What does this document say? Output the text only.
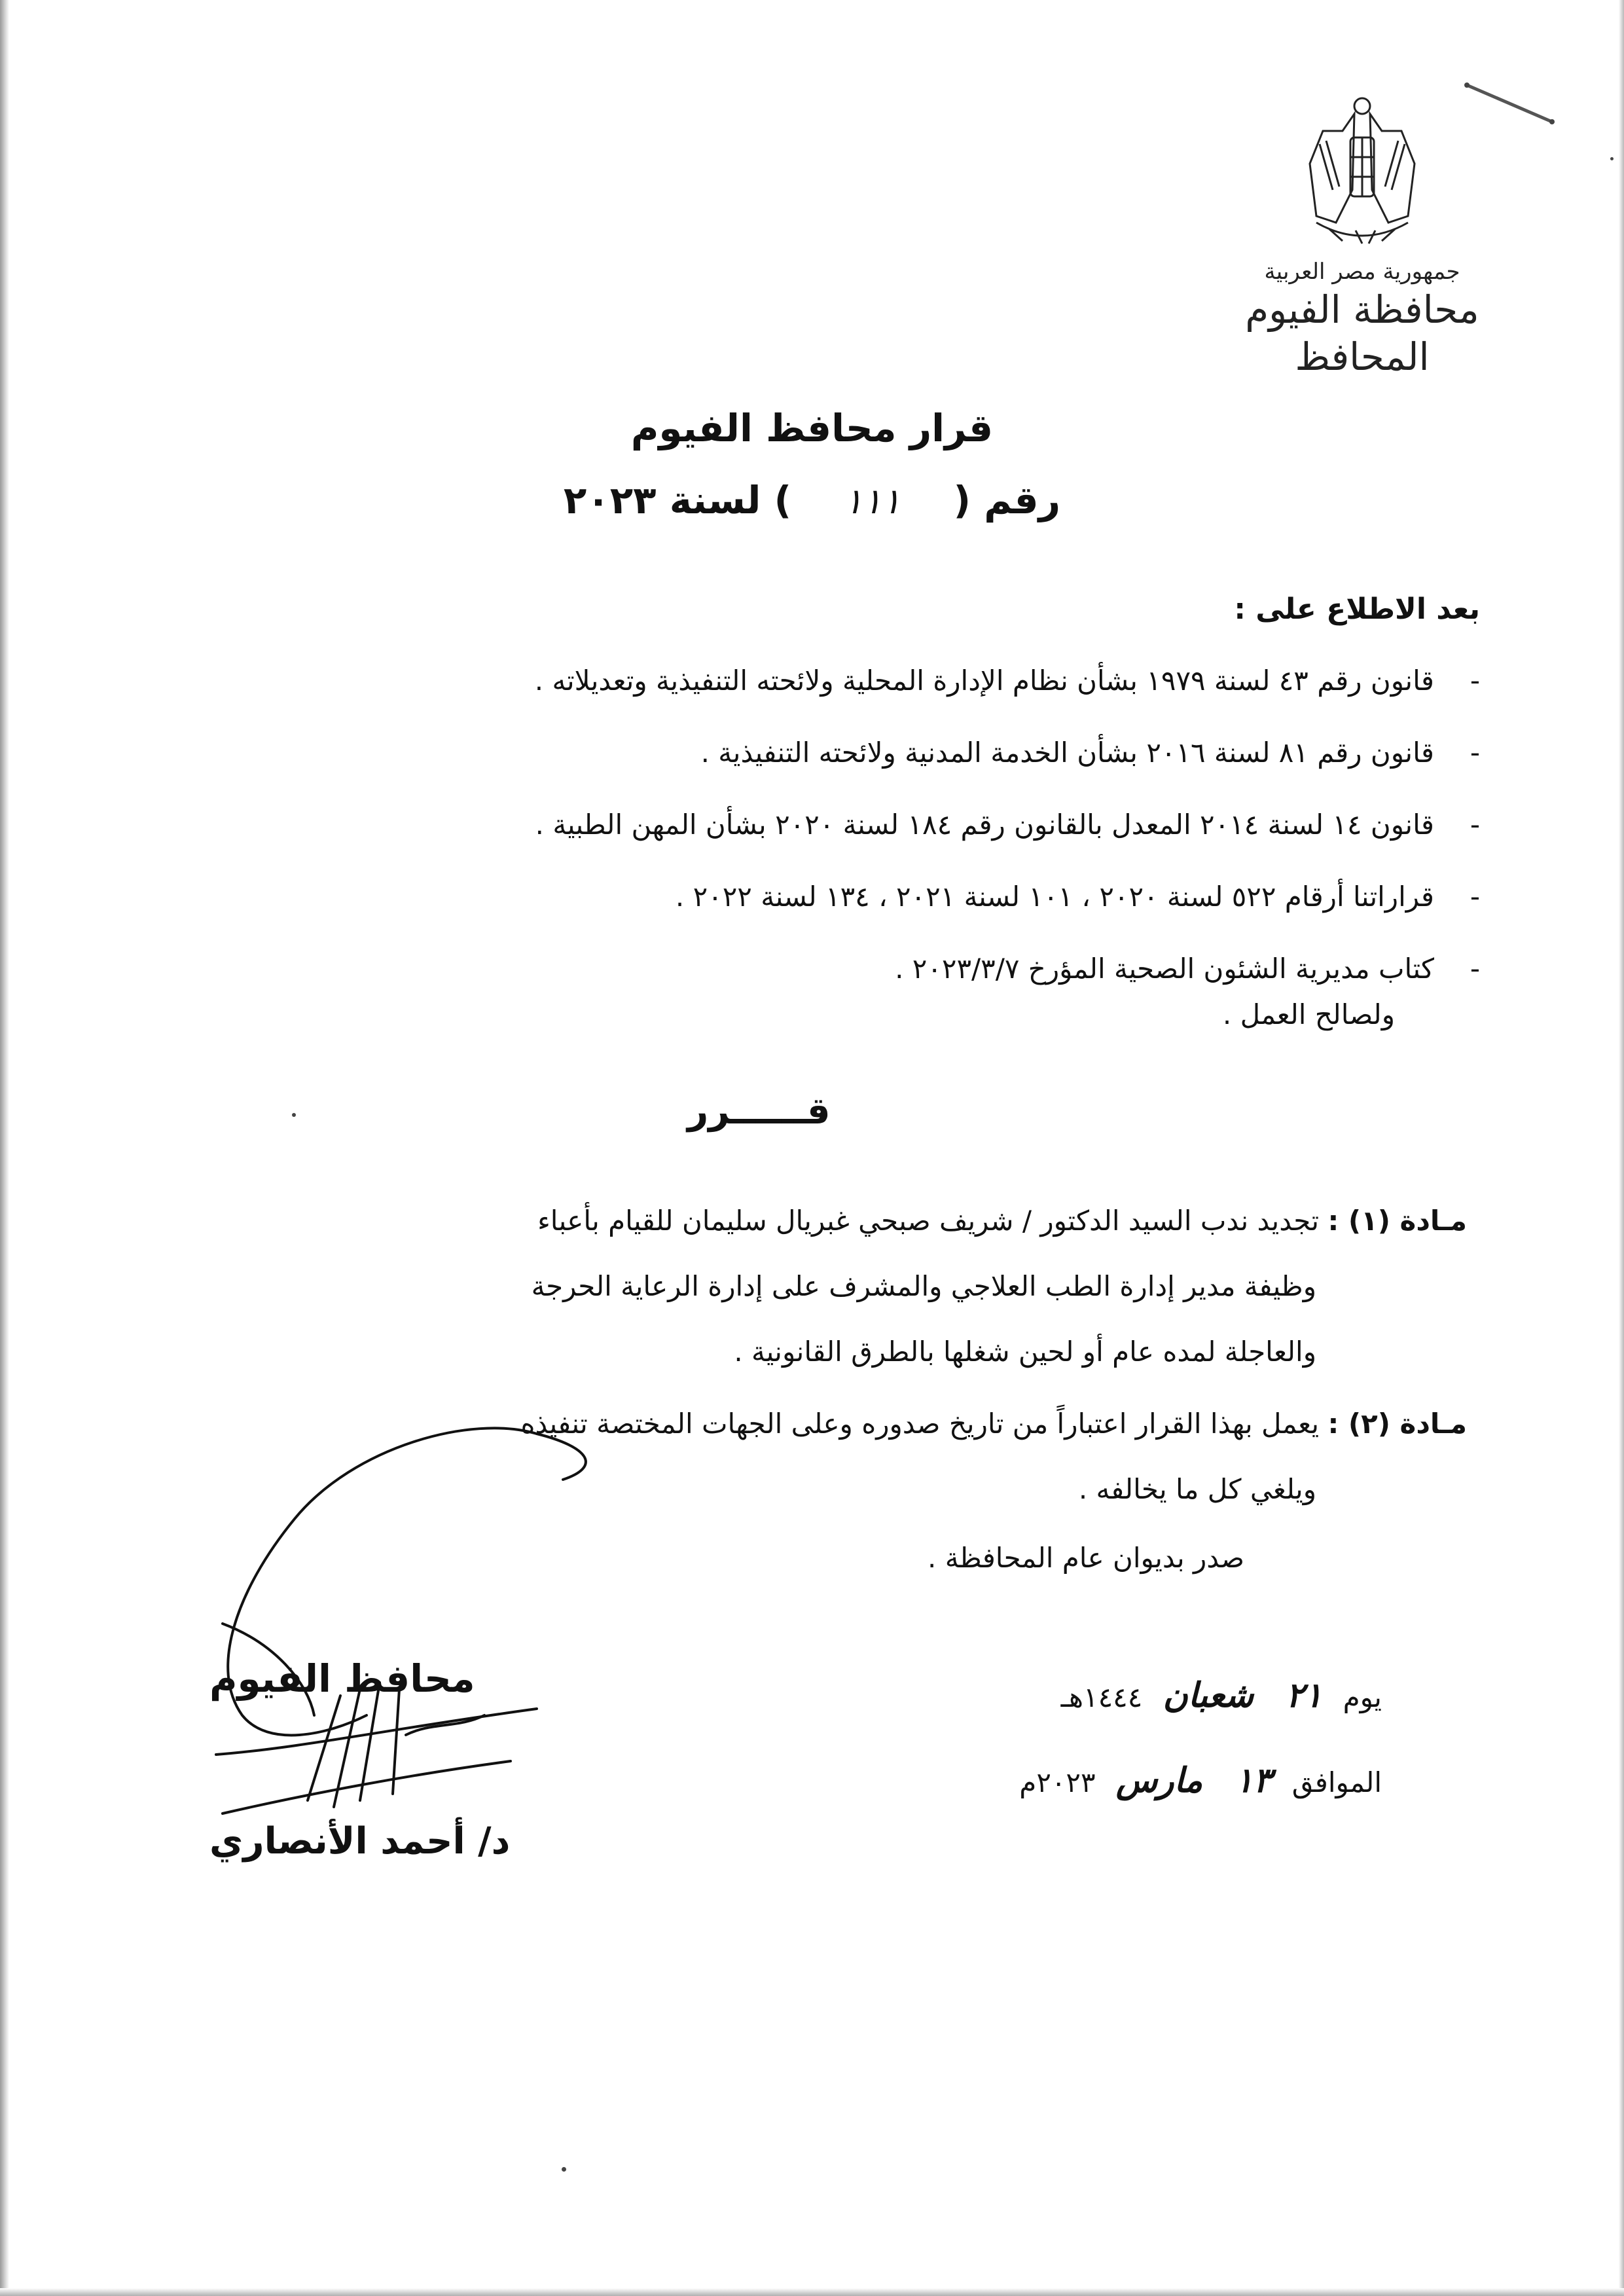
جمهورية مصر العربية
محافظة الفيوم
المحافظ
قرار محافظ الفيوم
رقم ( ١١١ ) لسنة ٢٠٢٣
بعد الاطلاع على :
-قانون رقم ٤٣ لسنة ١٩٧٩ بشأن نظام الإدارة المحلية ولائحته التنفيذية وتعديلاته .
-قانون رقم ٨١ لسنة ٢٠١٦ بشأن الخدمة المدنية ولائحته التنفيذية .
-قانون ١٤ لسنة ٢٠١٤ المعدل بالقانون رقم ١٨٤ لسنة ٢٠٢٠ بشأن المهن الطبية .
-قراراتنا أرقام ٥٢٢ لسنة ٢٠٢٠ ، ١٠١ لسنة ٢٠٢١ ، ١٣٤ لسنة ٢٠٢٢ .
-كتاب مديرية الشئون الصحية المؤرخ ٢٠٢٣/٣/٧ .
ولصالح العمل .
قــــــرر
مـادة (١) : تجديد ندب السيد الدكتور / شريف صبحي غبريال سليمان للقيام بأعباء
وظيفة مدير إدارة الطب العلاجي والمشرف على إدارة الرعاية الحرجة
والعاجلة لمده عام أو لحين شغلها بالطرق القانونية .
مـادة (٢) : يعمل بهذا القرار اعتباراً من تاريخ صدوره وعلى الجهات المختصة تنفيذه
ويلغي كل ما يخالفه .
صدر بديوان عام المحافظة .
يوم ٢١ شعبان ١٤٤٤هـ
الموافق ١٣ مارس ٢٠٢٣م
محافظ الفيوم
د/ أحمد الأنصاري
